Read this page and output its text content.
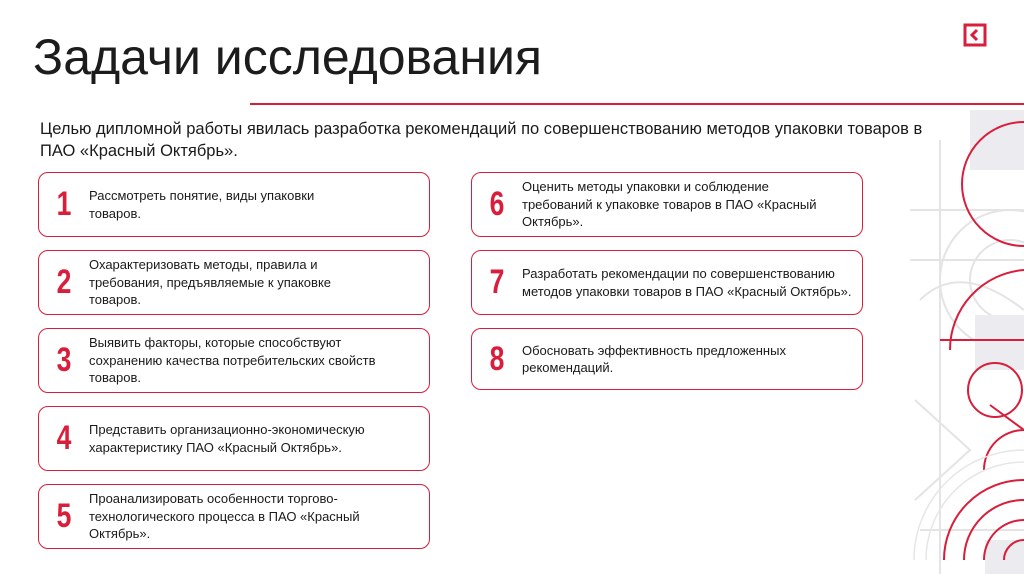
Задачи исследования
Целью дипломной работы явилась разработка рекомендаций по совершенствованию методов упаковки товаров в ПАО «Красный Октябрь».
1	Рассмотреть понятие, виды упаковки товаров.
2	Охарактеризовать методы, правила и требования, предъявляемые к упаковке товаров.
3	Выявить факторы, которые способствуют сохранению качества потребительских свойств товаров.
4	Представить организационно-экономическую характеристику ПАО «Красный Октябрь».
5	Проанализировать особенности торгово-технологического процесса в ПАО «Красный Октябрь».
6	Оценить методы упаковки и соблюдение требований к упаковке товаров в ПАО «Красный Октябрь».
7	Разработать рекомендации по совершенствованию методов упаковки товаров в ПАО «Красный Октябрь».
8	Обосновать эффективность предложенных рекомендаций.
